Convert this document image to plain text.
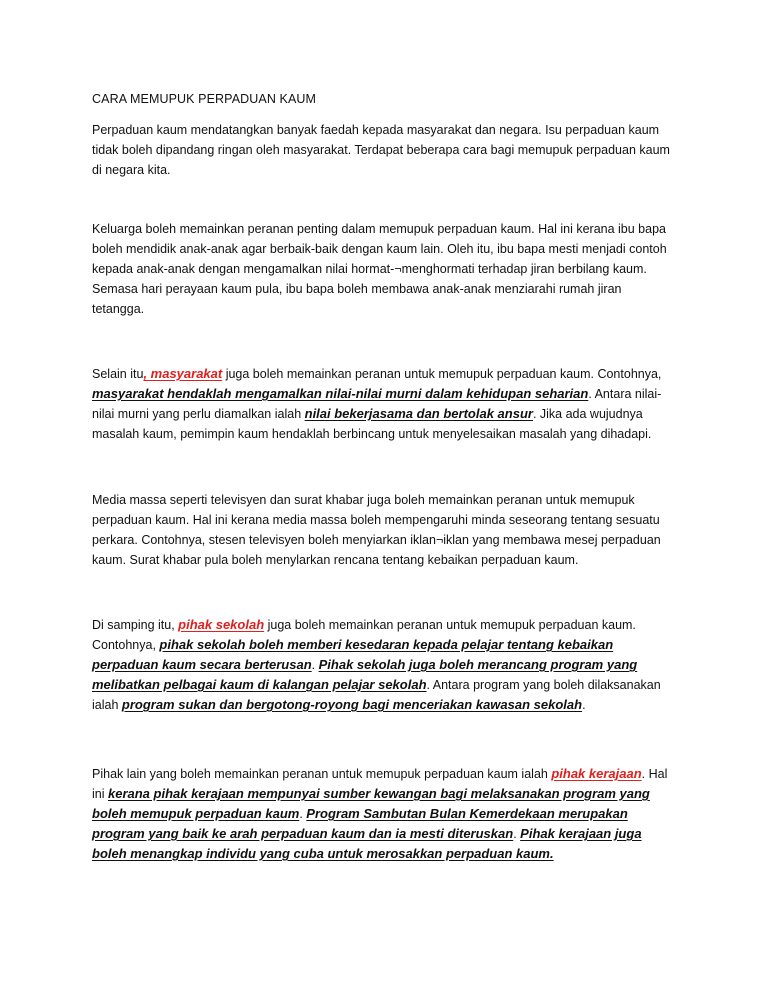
CARA MEMUPUK PERPADUAN KAUM
Perpaduan kaum mendatangkan banyak faedah kepada masyarakat dan negara. Isu perpaduan kaum
tidak boleh dipandang ringan oleh masyarakat. Terdapat beberapa cara bagi memupuk perpaduan kaum
di negara kita.
Keluarga boleh memainkan peranan penting dalam memupuk perpaduan kaum. Hal ini kerana ibu bapa
boleh mendidik anak-anak agar berbaik-baik dengan kaum lain. Oleh itu, ibu bapa mesti menjadi contoh
kepada anak-anak dengan mengamalkan nilai hormat-¬menghormati terhadap jiran berbilang kaum.
Semasa hari perayaan kaum pula, ibu bapa boleh membawa anak-anak menziarahi rumah jiran
tetangga.
Selain itu, masyarakat juga boleh memainkan peranan untuk memupuk perpaduan kaum. Contohnya,
masyarakat hendaklah mengamalkan nilai-nilai murni dalam kehidupan seharian. Antara nilai-
nilai murni yang perlu diamalkan ialah nilai bekerjasama dan bertolak ansur. Jika ada wujudnya
masalah kaum, pemimpin kaum hendaklah berbincang untuk menyelesaikan masalah yang dihadapi.
Media massa seperti televisyen dan surat khabar juga boleh memainkan peranan untuk memupuk
perpaduan kaum. Hal ini kerana media massa boleh mempengaruhi minda seseorang tentang sesuatu
perkara. Contohnya, stesen televisyen boleh menyiarkan iklan¬iklan yang membawa mesej perpaduan
kaum. Surat khabar pula boleh menylarkan rencana tentang kebaikan perpaduan kaum.
Di samping itu, pihak sekolah juga boleh memainkan peranan untuk memupuk perpaduan kaum.
Contohnya, pihak sekolah boleh memberi kesedaran kepada pelajar tentang kebaikan
perpaduan kaum secara berterusan. Pihak sekolah juga boleh merancang program yang
melibatkan pelbagai kaum di kalangan pelajar sekolah. Antara program yang boleh dilaksanakan
ialah program sukan dan bergotong-royong bagi menceriakan kawasan sekolah.
Pihak lain yang boleh memainkan peranan untuk memupuk perpaduan kaum ialah pihak kerajaan. Hal
ini kerana pihak kerajaan mempunyai sumber kewangan bagi melaksanakan program yang
boleh memupuk perpaduan kaum. Program Sambutan Bulan Kemerdekaan merupakan
program yang baik ke arah perpaduan kaum dan ia mesti diteruskan. Pihak kerajaan juga
boleh menangkap individu yang cuba untuk merosakkan perpaduan kaum.
